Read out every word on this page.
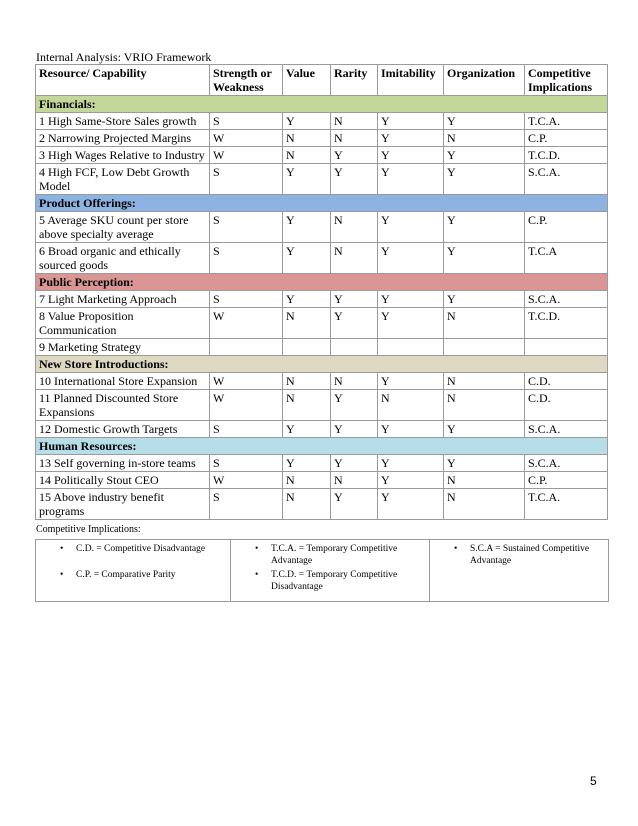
Internal Analysis: VRIO Framework
Resource/ Capability	Strength or Weakness	Value	Rarity	Imitability	Organization	Competitive Implications
Financials:						
1 High Same-Store Sales growth	S	Y	N	Y	Y	T.C.A.
2 Narrowing Projected Margins	W	N	N	Y	N	C.P.
3 High Wages Relative to Industry	W	N	Y	Y	Y	T.C.D.
4 High FCF, Low Debt Growth Model	S	Y	Y	Y	Y	S.C.A.
Product Offerings:						
5 Average SKU count per store above specialty average	S	Y	N	Y	Y	C.P.
6 Broad organic and ethically sourced goods	S	Y	N	Y	Y	T.C.A
Public Perception:						
7 Light Marketing Approach	S	Y	Y	Y	Y	S.C.A.
8 Value Proposition Communication	W	N	Y	Y	N	T.C.D.
9 Marketing Strategy						
New Store Introductions:						
10 International Store Expansion	W	N	N	Y	N	C.D.
11 Planned Discounted Store Expansions	W	N	Y	N	N	C.D.
12 Domestic Growth Targets	S	Y	Y	Y	Y	S.C.A.
Human Resources:						
13 Self governing in-store teams	S	Y	Y	Y	Y	S.C.A.
14 Politically Stout CEO	W	N	N	Y	N	C.P.
15 Above industry benefit programs	S	N	Y	Y	N	T.C.A.
Competitive Implications:
• C.D. = Competitive Disadvantage
• C.P. = Comparative Parity

• T.C.A. = Temporary Competitive Advantage
• T.C.D. = Temporary Competitive Disadvantage

• S.C.A = Sustained Competitive Advantage
5
